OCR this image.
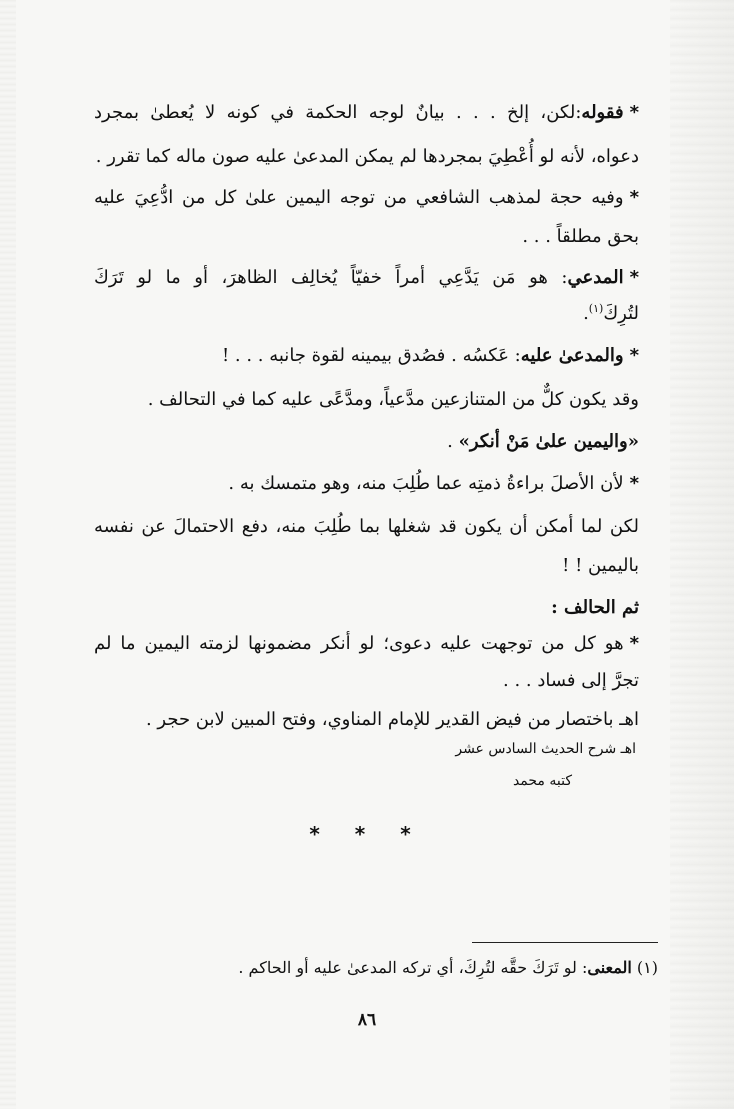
*فقوله:لكن، إلخ . . . بيانٌ لوجه الحكمة في كونه لا يُعطىٰ بمجرد
دعواه، لأنه لو أُعْطِيَ بمجردها لم يمكن المدعىٰ عليه صون ماله كما تقرر .
*وفيه حجة لمذهب الشافعي من توجه اليمين علىٰ كل من ادُّعِيَ عليه
بحق مطلقاً . . .
*المدعي: هو مَن يَدَّعِي أمراً خفيّاً يُخالِف الظاهرَ، أو ما لو تَرَكَ
لتُرِكَ$^{(١)}$.
*والمدعىٰ عليه: عَكسُه . فصُدق بيمينه لقوة جانبه . . . !
وقد يكون كلٌّ من المتنازعين مدَّعياً، ومدَّعًى عليه كما في التحالف .
«واليمين علىٰ مَنْ أنكر» .
*لأن الأصلَ براءةُ ذمتِه عما طُلِبَ منه، وهو متمسك به .
لكن لما أمكن أن يكون قد شغلها بما طُلِبَ منه، دفع الاحتمالَ عن نفسه
باليمين ! !
ثم الحالف :
*هو كل من توجهت عليه دعوى؛ لو أنكر مضمونها لزمته اليمين ما لم
تجرَّ إلى فساد . . .
اهـ باختصار من فيض القدير للإمام المناوي، وفتح المبين لابن حجر .
اهـ شرح الحديث السادس عشر
كتبه محمد
* * *
(١) المعنى: لو تَرَكَ حقَّه لتُرِكَ، أي تركه المدعىٰ عليه أو الحاكم .
٨٦
